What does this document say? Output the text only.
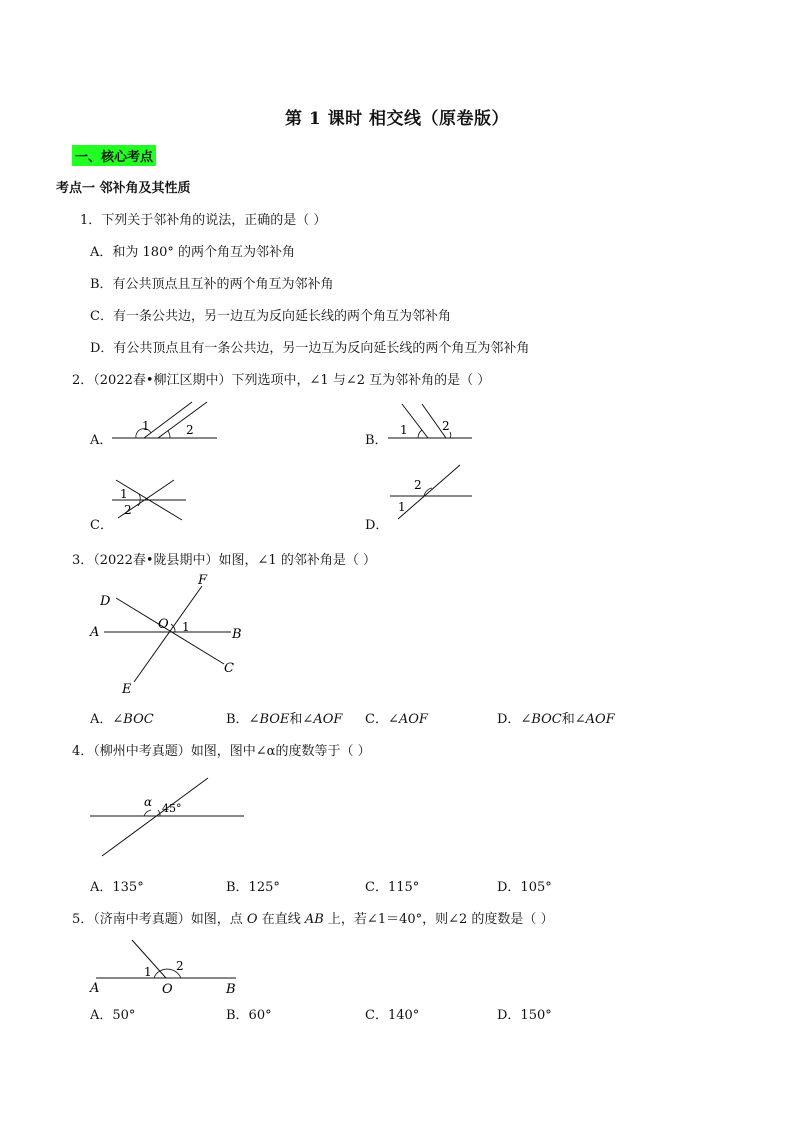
第 1 课时 相交线（原卷版）
一、核心考点
考点一 邻补角及其性质
1．下列关于邻补角的说法，正确的是（ ）
A．和为 180° 的两个角互为邻补角
B．有公共顶点且互补的两个角互为邻补角
C．有一条公共边，另一边互为反向延长线的两个角互为邻补角
D．有公共顶点且有一条公共边，另一边互为反向延长线的两个角互为邻补角
2．（2022春•柳江区期中）下列选项中，∠1 与∠2 互为邻补角的是（ ）
A．	B．
C．	D．
1	2	1	2
1
2
2
1
3．（2022春•陇县期中）如图，∠1 的邻补角是（ ）
F
D
A
O
B
C
E
1
A．∠BOC	B．∠BOE和∠AOF C．∠AOF	D．∠BOC和∠AOF
4．（柳州中考真题）如图，图中∠α的度数等于（ ）
α 45°
A．135°	B．125°	C．115°	D．105°
5．（济南中考真题）如图，点 O 在直线 AB 上，若∠1＝40°，则∠2 的度数是（ ）
1 2
A	O	B
A．50°	B．60°	C．140°	D．150°
